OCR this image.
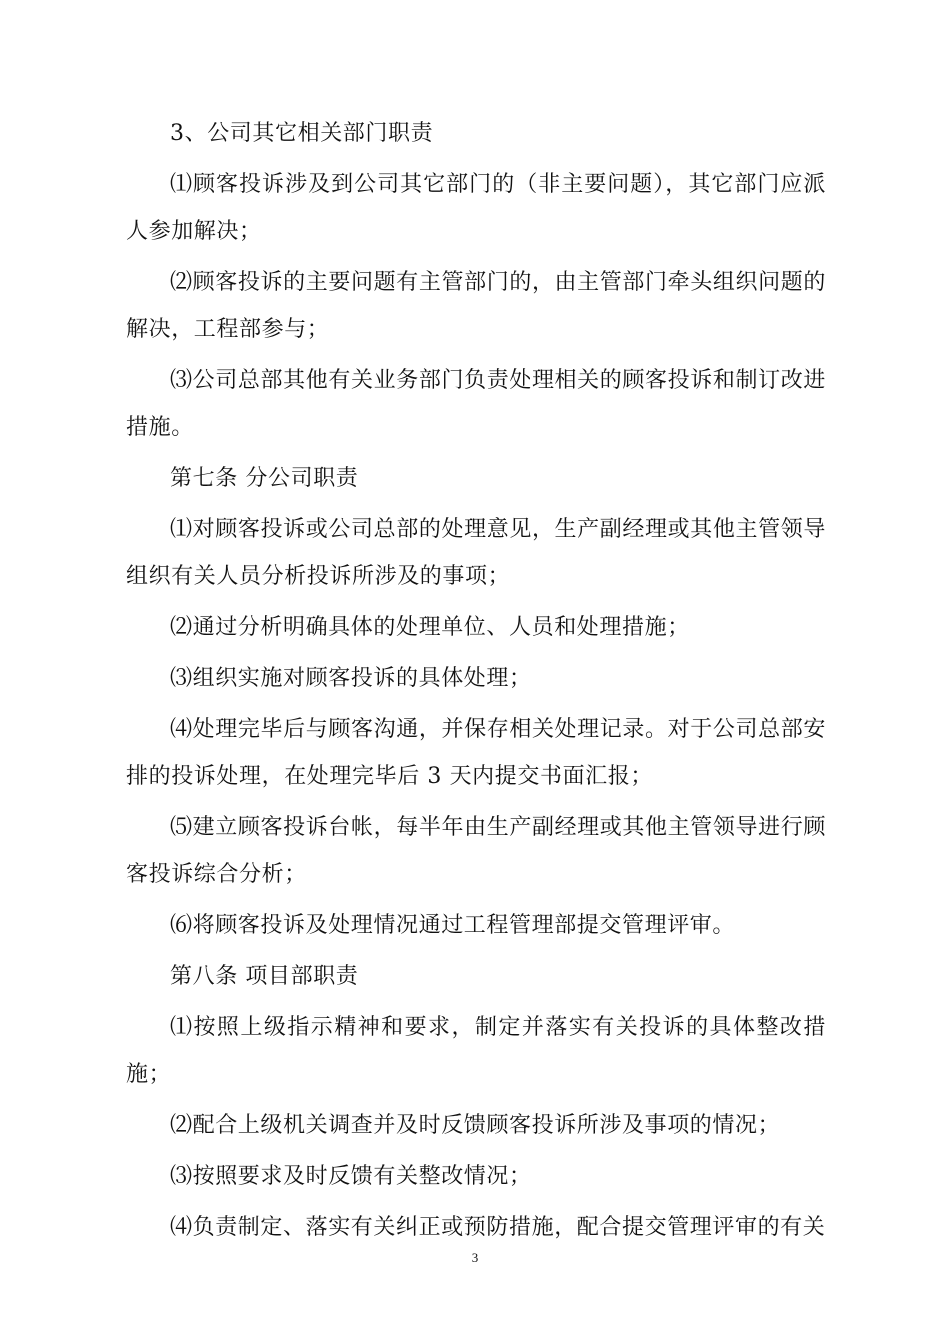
3、公司其它相关部门职责

⑴顾客投诉涉及到公司其它部门的（非主要问题），其它部门应派人参加解决；

⑵顾客投诉的主要问题有主管部门的，由主管部门牵头组织问题的解决，工程部参与；

⑶公司总部其他有关业务部门负责处理相关的顾客投诉和制订改进措施。

第七条 分公司职责

⑴对顾客投诉或公司总部的处理意见，生产副经理或其他主管领导组织有关人员分析投诉所涉及的事项；

⑵通过分析明确具体的处理单位、人员和处理措施；

⑶组织实施对顾客投诉的具体处理；

⑷处理完毕后与顾客沟通，并保存相关处理记录。对于公司总部安排的投诉处理，在处理完毕后 3 天内提交书面汇报；

⑸建立顾客投诉台帐，每半年由生产副经理或其他主管领导进行顾客投诉综合分析；

⑹将顾客投诉及处理情况通过工程管理部提交管理评审。

第八条 项目部职责

⑴按照上级指示精神和要求，制定并落实有关投诉的具体整改措施；

⑵配合上级机关调查并及时反馈顾客投诉所涉及事项的情况；

⑶按照要求及时反馈有关整改情况；

⑷负责制定、落实有关纠正或预防措施，配合提交管理评审的有关

3
